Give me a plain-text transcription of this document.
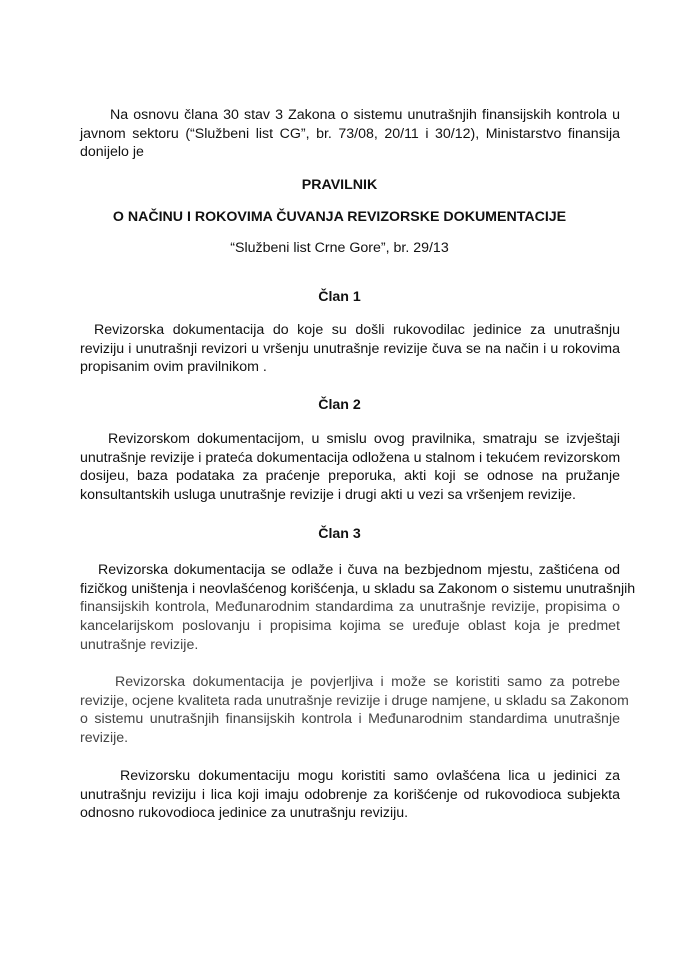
Na osnovu člana 30 stav 3 Zakona o sistemu unutrašnjih finansijskih kontrola u
javnom sektoru (“Službeni list CG”, br. 73/08, 20/11 i 30/12), Ministarstvo finansija
donijelo je
PRAVILNIK
O NAČINU I ROKOVIMA ČUVANJA REVIZORSKE DOKUMENTACIJE
“Službeni list Crne Gore”, br. 29/13
Član 1
Revizorska dokumentacija do koje su došli rukovodilac jedinice za unutrašnju
reviziju i unutrašnji revizori u vršenju unutrašnje revizije čuva se na način i u rokovima
propisanim ovim pravilnikom .
Član 2
Revizorskom dokumentacijom, u smislu ovog pravilnika, smatraju se izvještaji
unutrašnje revizije i prateća dokumentacija odložena u stalnom i tekućem revizorskom
dosijeu, baza podataka za praćenje preporuka, akti koji se odnose na pružanje
konsultantskih usluga unutrašnje revizije i drugi akti u vezi sa vršenjem revizije.
Član 3
Revizorska dokumentacija se odlaže i čuva na bezbjednom mjestu, zaštićena od
fizičkog uništenja i neovlašćenog korišćenja, u skladu sa Zakonom o sistemu unutrašnjih
finansijskih kontrola, Međunarodnim standardima za unutrašnje revizije, propisima o
kancelarijskom poslovanju i propisima kojima se uređuje oblast koja je predmet
unutrašnje revizije.
Revizorska dokumentacija je povjerljiva i može se koristiti samo za potrebe
revizije, ocjene kvaliteta rada unutrašnje revizije i druge namjene, u skladu sa Zakonom
o sistemu unutrašnjih finansijskih kontrola i Međunarodnim standardima unutrašnje
revizije.
Revizorsku dokumentaciju mogu koristiti samo ovlašćena lica u jedinici za
unutrašnju reviziju i lica koji imaju odobrenje za korišćenje od rukovodioca subjekta
odnosno rukovodioca jedinice za unutrašnju reviziju.
